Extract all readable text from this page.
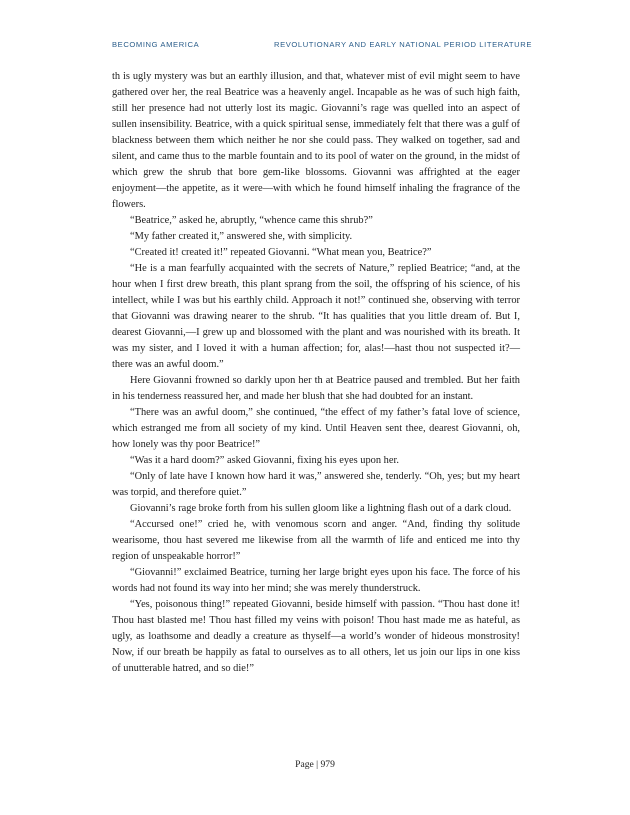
BECOMING AMERICA	REVOLUTIONARY AND EARLY NATIONAL PERIOD LITERATURE

th is ugly mystery was but an earthly illusion, and that, whatever mist of evil might seem to have gathered over her, the real Beatrice was a heavenly angel. Incapable as he was of such high faith, still her presence had not utterly lost its magic. Giovanni’s rage was quelled into an aspect of sullen insensibility. Beatrice, with a quick spiritual sense, immediately felt that there was a gulf of blackness between them which neither he nor she could pass. They walked on together, sad and silent, and came thus to the marble fountain and to its pool of water on the ground, in the midst of which grew the shrub that bore gem-like blossoms. Giovanni was affrighted at the eager enjoyment—the appetite, as it were—with which he found himself inhaling the fragrance of the flowers.

“Beatrice,” asked he, abruptly, “whence came this shrub?”

“My father created it,” answered she, with simplicity.

“Created it! created it!” repeated Giovanni. “What mean you, Beatrice?”

“He is a man fearfully acquainted with the secrets of Nature,” replied Beatrice; “and, at the hour when I first drew breath, this plant sprang from the soil, the offspring of his science, of his intellect, while I was but his earthly child. Approach it not!” continued she, observing with terror that Giovanni was drawing nearer to the shrub. “It has qualities that you little dream of. But I, dearest Giovanni,—I grew up and blossomed with the plant and was nourished with its breath. It was my sister, and I loved it with a human affection; for, alas!—hast thou not suspected it?—there was an awful doom.”

Here Giovanni frowned so darkly upon her th at Beatrice paused and trembled. But her faith in his tenderness reassured her, and made her blush that she had doubted for an instant.

“There was an awful doom,” she continued, “the effect of my father’s fatal love of science, which estranged me from all society of my kind. Until Heaven sent thee, dearest Giovanni, oh, how lonely was thy poor Beatrice!”

“Was it a hard doom?” asked Giovanni, fixing his eyes upon her.

“Only of late have I known how hard it was,” answered she, tenderly. “Oh, yes; but my heart was torpid, and therefore quiet.”

Giovanni’s rage broke forth from his sullen gloom like a lightning flash out of a dark cloud.

“Accursed one!” cried he, with venomous scorn and anger. “And, finding thy solitude wearisome, thou hast severed me likewise from all the warmth of life and enticed me into thy region of unspeakable horror!”

“Giovanni!” exclaimed Beatrice, turning her large bright eyes upon his face. The force of his words had not found its way into her mind; she was merely thunderstruck.

“Yes, poisonous thing!” repeated Giovanni, beside himself with passion. “Thou hast done it! Thou hast blasted me! Thou hast filled my veins with poison! Thou hast made me as hateful, as ugly, as loathsome and deadly a creature as thyself—a world’s wonder of hideous monstrosity! Now, if our breath be happily as fatal to ourselves as to all others, let us join our lips in one kiss of unutterable hatred, and so die!”

Page | 979
